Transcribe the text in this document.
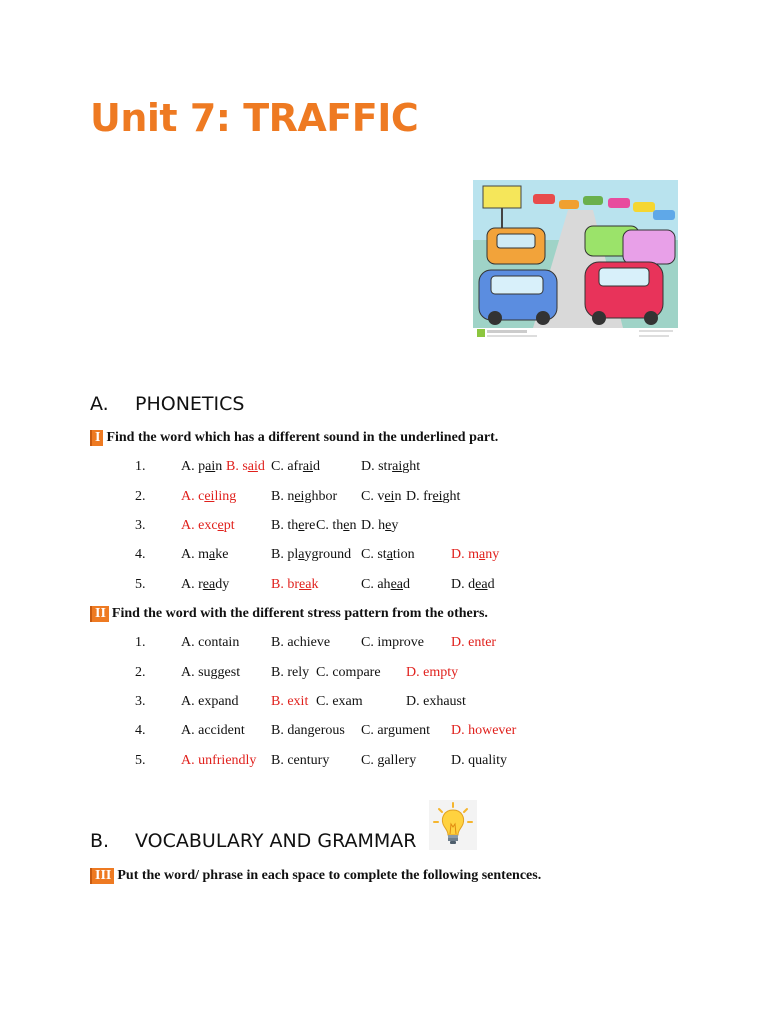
Unit 7: TRAFFIC
A. PHONETICS
I Find the word which has a different sound in the underlined part.
1.	A. pain B. said C. afraid	D. straight
2.	A. ceiling B. neighbor C. vein D. freight
3.	A. except	B. there C. then D. hey
4.	A. make	B. playground C. station	D. many
5.	A. ready	B. break	C. ahead	D. dead
II Find the word with the different stress pattern from the others.
1.	A. contain B. achieve C. improve D. enter
2.	A. suggest B. rely C. compare D. empty
3.	A. expand B. exit C. exam	D. exhaust
4.	A. accident B. dangerous C. argument D. however
5.	A. unfriendly B. century C. gallery D. quality
B. VOCABULARY AND GRAMMAR
III Put the word/ phrase in each space to complete the following sentences.
